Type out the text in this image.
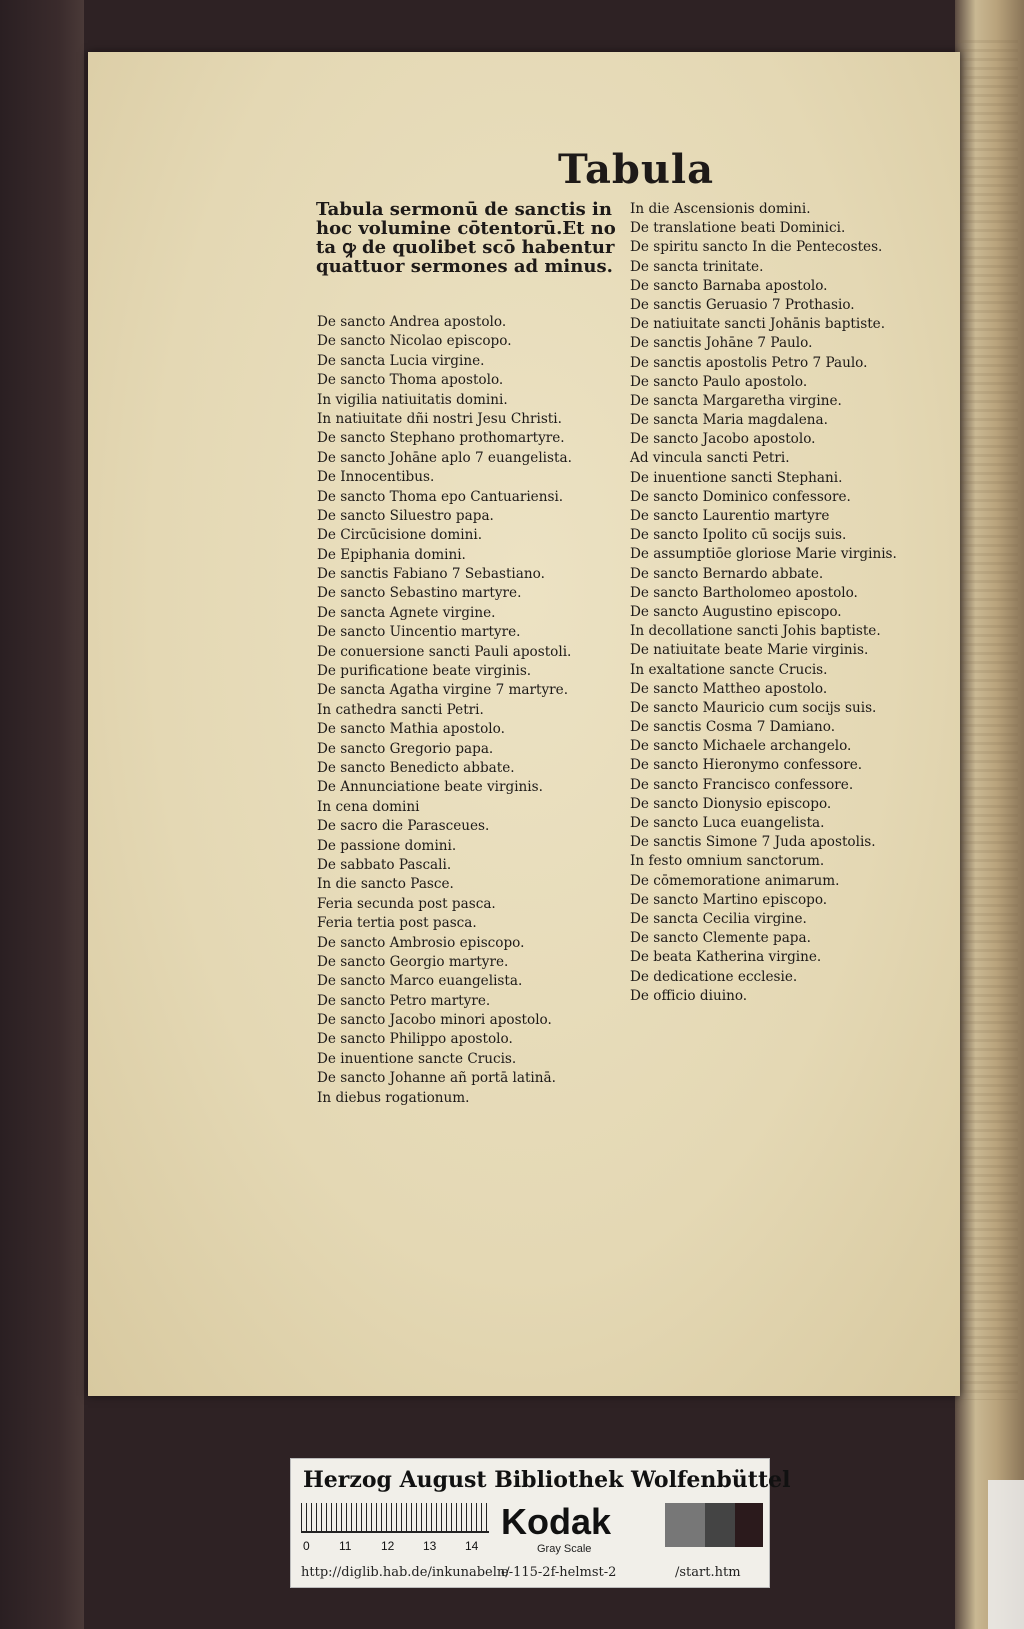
Tabula
Tabula sermonū de sanctis in
hoc volumine cōtentorū.Et no
ta ꝙ de quolibet scō habentur
quattuor sermones ad minus.
De sancto Andrea apostolo.
De sancto Nicolao episcopo.
De sancta Lucia virgine.
De sancto Thoma apostolo.
In vigilia natiuitatis domini.
In natiuitate dñi nostri Jesu Christi.
De sancto Stephano prothomartyre.
De sancto Johāne aplo 7 euangelista.
De Innocentibus.
De sancto Thoma epo Cantuariensi.
De sancto Siluestro papa.
De Circūcisione domini.
De Epiphania domini.
De sanctis Fabiano 7 Sebastiano.
De sancto Sebastino martyre.
De sancta Agnete virgine.
De sancto Uincentio martyre.
De conuersione sancti Pauli apostoli.
De purificatione beate virginis.
De sancta Agatha virgine 7 martyre.
In cathedra sancti Petri.
De sancto Mathia apostolo.
De sancto Gregorio papa.
De sancto Benedicto abbate.
De Annunciatione beate virginis.
In cena domini
De sacro die Parasceues.
De passione domini.
De sabbato Pascali.
In die sancto Pasce.
Feria secunda post pasca.
Feria tertia post pasca.
De sancto Ambrosio episcopo.
De sancto Georgio martyre.
De sancto Marco euangelista.
De sancto Petro martyre.
De sancto Jacobo minori apostolo.
De sancto Philippo apostolo.
De inuentione sancte Crucis.
De sancto Johanne añ portā latinā.
In diebus rogationum.
In die Ascensionis domini.
De translatione beati Dominici.
De spiritu sancto In die Pentecostes.
De sancta trinitate.
De sancto Barnaba apostolo.
De sanctis Geruasio 7 Prothasio.
De natiuitate sancti Johānis baptiste.
De sanctis Johāne 7 Paulo.
De sanctis apostolis Petro 7 Paulo.
De sancto Paulo apostolo.
De sancta Margaretha virgine.
De sancta Maria magdalena.
De sancto Jacobo apostolo.
Ad vincula sancti Petri.
De inuentione sancti Stephani.
De sancto Dominico confessore.
De sancto Laurentio martyre
De sancto Ipolito cū socijs suis.
De assumptiōe gloriose Marie virginis.
De sancto Bernardo abbate.
De sancto Bartholomeo apostolo.
De sancto Augustino episcopo.
In decollatione sancti Johis baptiste.
De natiuitate beate Marie virginis.
In exaltatione sancte Crucis.
De sancto Mattheo apostolo.
De sancto Mauricio cum socijs suis.
De sanctis Cosma 7 Damiano.
De sancto Michaele archangelo.
De sancto Hieronymo confessore.
De sancto Francisco confessore.
De sancto Dionysio episcopo.
De sancto Luca euangelista.
De sanctis Simone 7 Juda apostolis.
In festo omnium sanctorum.
De cōmemoratione animarum.
De sancto Martino episcopo.
De sancta Cecilia virgine.
De sancto Clemente papa.
De beata Katherina virgine.
De dedicatione ecclesie.
De officio diuino.
Herzog August Bibliothek Wolfenbüttel
0 11 12 13 14
Kodak
Gray Scale
http://diglib.hab.de/inkunabeln/
e-115-2f-helmst-2	/start.htm
